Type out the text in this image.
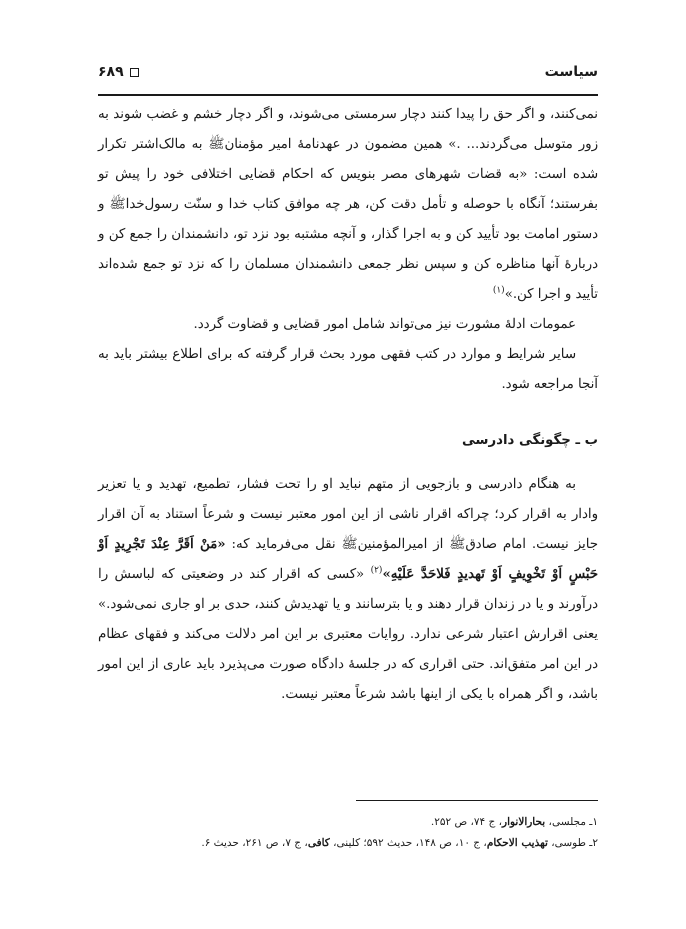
سیاست
۶۸۹

نمی‌کنند، و اگر حق را پیدا کنند دچار سرمستی می‌شوند، و اگر دچار خشم و غضب شوند به زور متوسل می‌گردند... .» همین مضمون در عهدنامهٔ امیر مؤمنانﷺ به مالک‌اشتر تکرار شده است: «به قضات شهرهای مصر بنویس که احکام قضایی اختلافی خود را پیش تو بفرستند؛ آنگاه با حوصله و تأمل دقت کن، هر چه موافق کتاب خدا و سنّت رسول‌خداﷺ و دستور امامت بود تأیید کن و به اجرا گذار، و آنچه مشتبه بود نزد تو، دانشمندان را جمع کن و دربارهٔ آنها مناظره کن و سپس نظر جمعی دانشمندان مسلمان را که نزد تو جمع شده‌اند تأیید و اجرا کن.»$^{(۱)}$

عمومات ادلهٔ مشورت نیز می‌تواند شامل امور قضایی و قضاوت گردد.

سایر شرایط و موارد در کتب فقهی مورد بحث قرار گرفته که برای اطلاع بیشتر باید به آنجا مراجعه شود.

ب ـ چگونگی دادرسی

به هنگام دادرسی و بازجویی از متهم نباید او را تحت فشار، تطمیع، تهدید و یا تعزیر وادار به اقرار کرد؛ چراکه اقرار ناشی از این امور معتبر نیست و شرعاً استناد به آن اقرار جایز نیست. امام صادقﷺ از امیرالمؤمنینﷺ نقل می‌فرماید که: «مَنْ اَقَرَّ عِنْدَ تَجْرِيدٍ اَوْ حَبْسٍ اَوْ تَخْوِيفٍ اَوْ تَهديدٍ فَلاحَدَّ عَلَيْهِ»$^{(۲)}$ «کسی که اقرار کند در وضعیتی که لباسش را درآورند و یا در زندان قرار دهند و یا بترسانند و یا تهدیدش کنند، حدی بر او جاری نمی‌شود.» یعنی اقرارش اعتبار شرعی ندارد. روایات معتبری بر این امر دلالت می‌کند و فقهای عظام در این امر متفق‌اند. حتی اقراری که در جلسهٔ دادگاه صورت می‌پذیرد باید عاری از این امور باشد، و اگر همراه با یکی از اینها باشد شرعاً معتبر نیست.

۱ـ مجلسی، بحارالانوار، ج ۷۴، ص ۲۵۲.
۲ـ طوسی، تهذیب الاحکام، ج ۱۰، ص ۱۴۸، حدیث ۵۹۲؛ کلینی، کافی، ج ۷، ص ۲۶۱، حدیث ۶.
